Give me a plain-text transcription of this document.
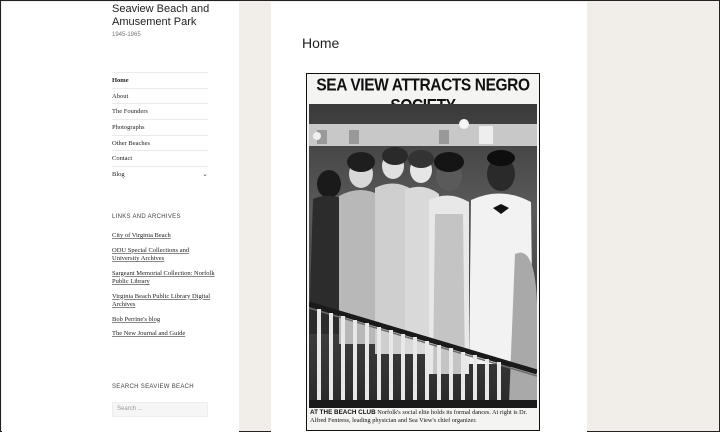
Seaview Beach and Amusement Park
1945-1965
Home
About
The Founders
Photographs
Other Beaches
Contact
Blog	⌄
LINKS AND ARCHIVES
City of Virginia Beach
ODU Special Collections and University Archives
Sargeant Memorial Collection: Norfolk Public Library
Virginia Beach Public Library Digital Archives
Bob Perrine's blog
The New Journal and Guide
SEARCH SEAVIEW BEACH
Search ...
Home
SEA VIEW ATTRACTS NEGRO
AT THE BEACH CLUB Norfolk's social elite holds its formal dances. At right is Dr. Alfred Fentress, leading physician and Sea View's chief organizer.
